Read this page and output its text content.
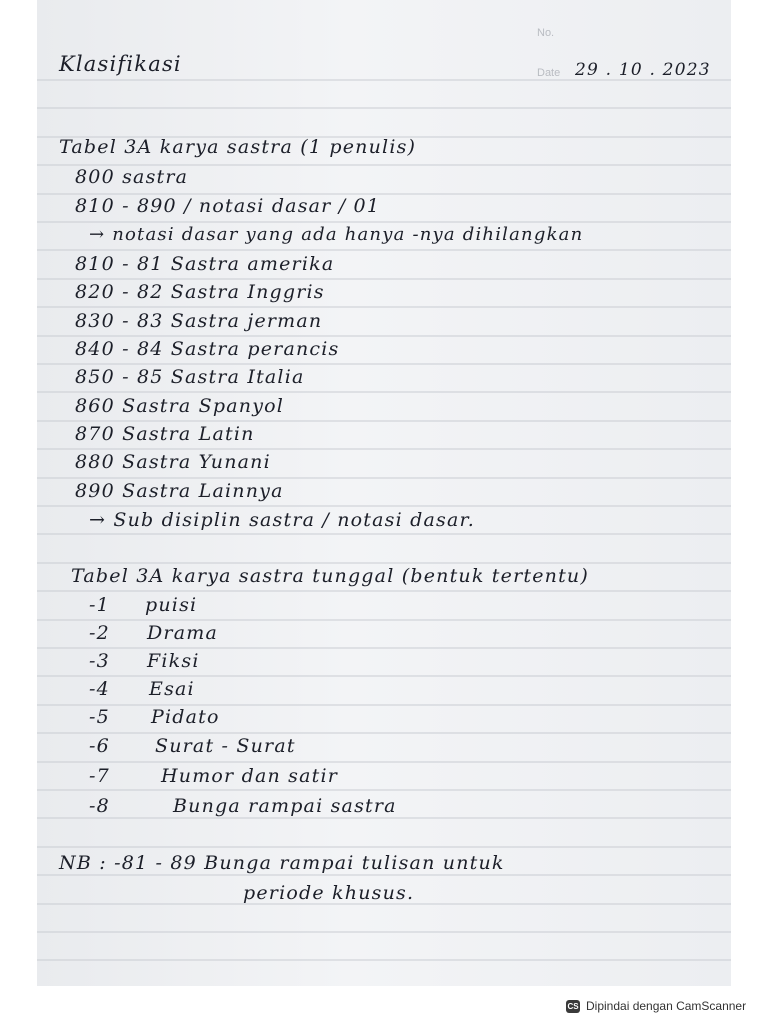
No.
Date 29 . 10 . 2023
Klasifikasi
Tabel 3A karya sastra (1 penulis)
800 sastra
810 - 890 / notasi dasar / 01
→ notasi dasar yang ada hanya -nya dihilangkan
810 - 81 Sastra amerika
820 - 82 Sastra Inggris
830 - 83 Sastra jerman
840 - 84 Sastra perancis
850 - 85 Sastra Italia
860 Sastra Spanyol
870 Sastra Latin
880 Sastra Yunani
890 Sastra Lainnya
→ Sub disiplin sastra / notasi dasar.
Tabel 3A karya sastra tunggal (bentuk tertentu)
-1 puisi
-2 Drama
-3 Fiksi
-4 Esai
-5 Pidato
-6 Surat - Surat
-7	Humor dan satir
-8	Bunga rampai sastra
NB : -81 - 89 Bunga rampai tulisan untuk
periode khusus.
CS Dipindai dengan CamScanner
